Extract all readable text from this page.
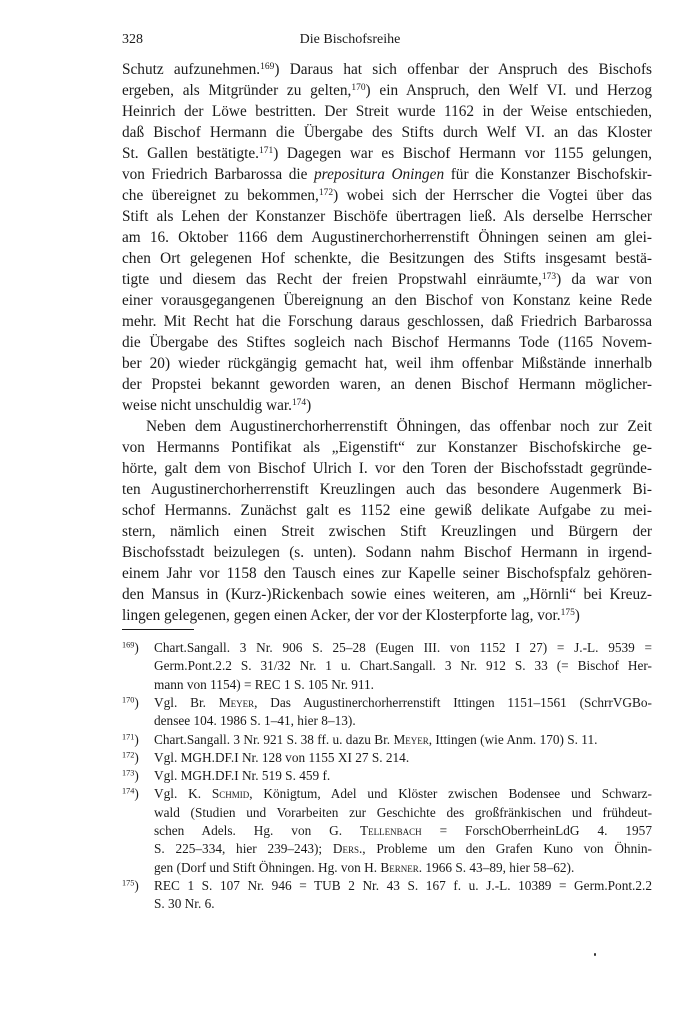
328	Die Bischofsreihe
Schutz aufzunehmen.$^{169}$) Daraus hat sich offenbar der Anspruch des Bischofs
ergeben, als Mitgründer zu gelten,$^{170}$) ein Anspruch, den Welf VI. und Herzog
Heinrich der Löwe bestritten. Der Streit wurde 1162 in der Weise entschieden,
daß Bischof Hermann die Übergabe des Stifts durch Welf VI. an das Kloster
St. Gallen bestätigte.$^{171}$) Dagegen war es Bischof Hermann vor 1155 gelungen,
von Friedrich Barbarossa die prepositura Oningen für die Konstanzer Bischofskir-
che übereignet zu bekommen,$^{172}$) wobei sich der Herrscher die Vogtei über das
Stift als Lehen der Konstanzer Bischöfe übertragen ließ. Als derselbe Herrscher
am 16. Oktober 1166 dem Augustinerchorherrenstift Öhningen seinen am glei-
chen Ort gelegenen Hof schenkte, die Besitzungen des Stifts insgesamt bestä-
tigte und diesem das Recht der freien Propstwahl einräumte,$^{173}$) da war von
einer vorausgegangenen Übereignung an den Bischof von Konstanz keine Rede
mehr. Mit Recht hat die Forschung daraus geschlossen, daß Friedrich Barbarossa
die Übergabe des Stiftes sogleich nach Bischof Hermanns Tode (1165 Novem-
ber 20) wieder rückgängig gemacht hat, weil ihm offenbar Mißstände innerhalb
der Propstei bekannt geworden waren, an denen Bischof Hermann möglicher-
weise nicht unschuldig war.$^{174}$)
Neben dem Augustinerchorherrenstift Öhningen, das offenbar noch zur Zeit
von Hermanns Pontifikat als „Eigenstift“ zur Konstanzer Bischofskirche ge-
hörte, galt dem von Bischof Ulrich I. vor den Toren der Bischofsstadt gegründe-
ten Augustinerchorherrenstift Kreuzlingen auch das besondere Augenmerk Bi-
schof Hermanns. Zunächst galt es 1152 eine gewiß delikate Aufgabe zu mei-
stern, nämlich einen Streit zwischen Stift Kreuzlingen und Bürgern der
Bischofsstadt beizulegen (s. unten). Sodann nahm Bischof Hermann in irgend-
einem Jahr vor 1158 den Tausch eines zur Kapelle seiner Bischofspfalz gehören-
den Mansus in (Kurz-)Rickenbach sowie eines weiteren, am „Hörnli“ bei Kreuz-
lingen gelegenen, gegen einen Acker, der vor der Klosterpforte lag, vor.$^{175}$)
$^{169}$) Chart.Sangall. 3 Nr. 906 S. 25–28 (Eugen III. von 1152 I 27) = J.-L. 9539 =
Germ.Pont.2.2 S. 31/32 Nr. 1 u. Chart.Sangall. 3 Nr. 912 S. 33 (= Bischof Her-
mann von 1154) = REC 1 S. 105 Nr. 911.
$^{170}$) Vgl. Br. Meyer, Das Augustinerchorherrenstift Ittingen 1151–1561 (SchrrVGBo-
densee 104. 1986 S. 1–41, hier 8–13).
$^{171}$) Chart.Sangall. 3 Nr. 921 S. 38 ff. u. dazu Br. Meyer, Ittingen (wie Anm. 170) S. 11.
$^{172}$) Vgl. MGH.DF.I Nr. 128 von 1155 XI 27 S. 214.
$^{173}$) Vgl. MGH.DF.I Nr. 519 S. 459 f.
$^{174}$) Vgl. K. Schmid, Königtum, Adel und Klöster zwischen Bodensee und Schwarz-
wald (Studien und Vorarbeiten zur Geschichte des großfränkischen und frühdeut-
schen Adels. Hg. von G. Tellenbach = ForschOberrheinLdG 4. 1957
S. 225–334, hier 239–243); Ders., Probleme um den Grafen Kuno von Öhnin-
gen (Dorf und Stift Öhningen. Hg. von H. Berner. 1966 S. 43–89, hier 58–62).
$^{175}$) REC 1 S. 107 Nr. 946 = TUB 2 Nr. 43 S. 167 f. u. J.-L. 10389 = Germ.Pont.2.2
S. 30 Nr. 6.
